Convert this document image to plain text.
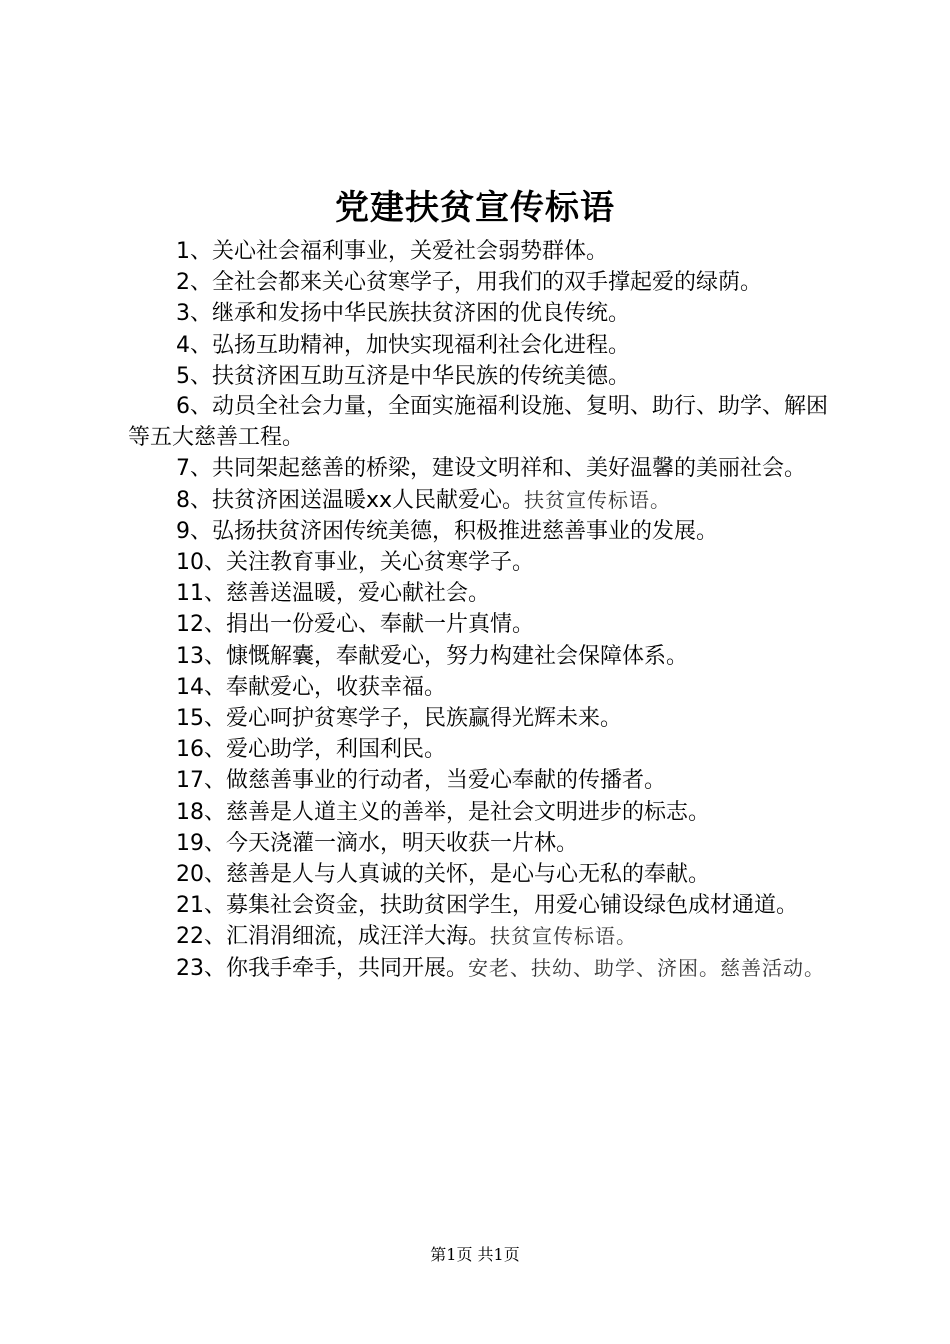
党建扶贫宣传标语
1、关心社会福利事业，关爱社会弱势群体。
2、全社会都来关心贫寒学子，用我们的双手撑起爱的绿荫。
3、继承和发扬中华民族扶贫济困的优良传统。
4、弘扬互助精神，加快实现福利社会化进程。
5、扶贫济困互助互济是中华民族的传统美德。
6、动员全社会力量，全面实施福利设施、复明、助行、助学、解困等五大慈善工程。
7、共同架起慈善的桥梁，建设文明祥和、美好温馨的美丽社会。
8、扶贫济困送温暖xx人民献爱心。扶贫宣传标语。
9、弘扬扶贫济困传统美德，积极推进慈善事业的发展。
10、关注教育事业，关心贫寒学子。
11、慈善送温暖，爱心献社会。
12、捐出一份爱心、奉献一片真情。
13、慷慨解囊，奉献爱心，努力构建社会保障体系。
14、奉献爱心，收获幸福。
15、爱心呵护贫寒学子，民族赢得光辉未来。
16、爱心助学，利国利民。
17、做慈善事业的行动者，当爱心奉献的传播者。
18、慈善是人道主义的善举，是社会文明进步的标志。
19、今天浇灌一滴水，明天收获一片林。
20、慈善是人与人真诚的关怀，是心与心无私的奉献。
21、募集社会资金，扶助贫困学生，用爱心铺设绿色成材通道。
22、汇涓涓细流，成汪洋大海。扶贫宣传标语。
23、你我手牵手，共同开展。安老、扶幼、助学、济困。慈善活动。
第1页 共1页
